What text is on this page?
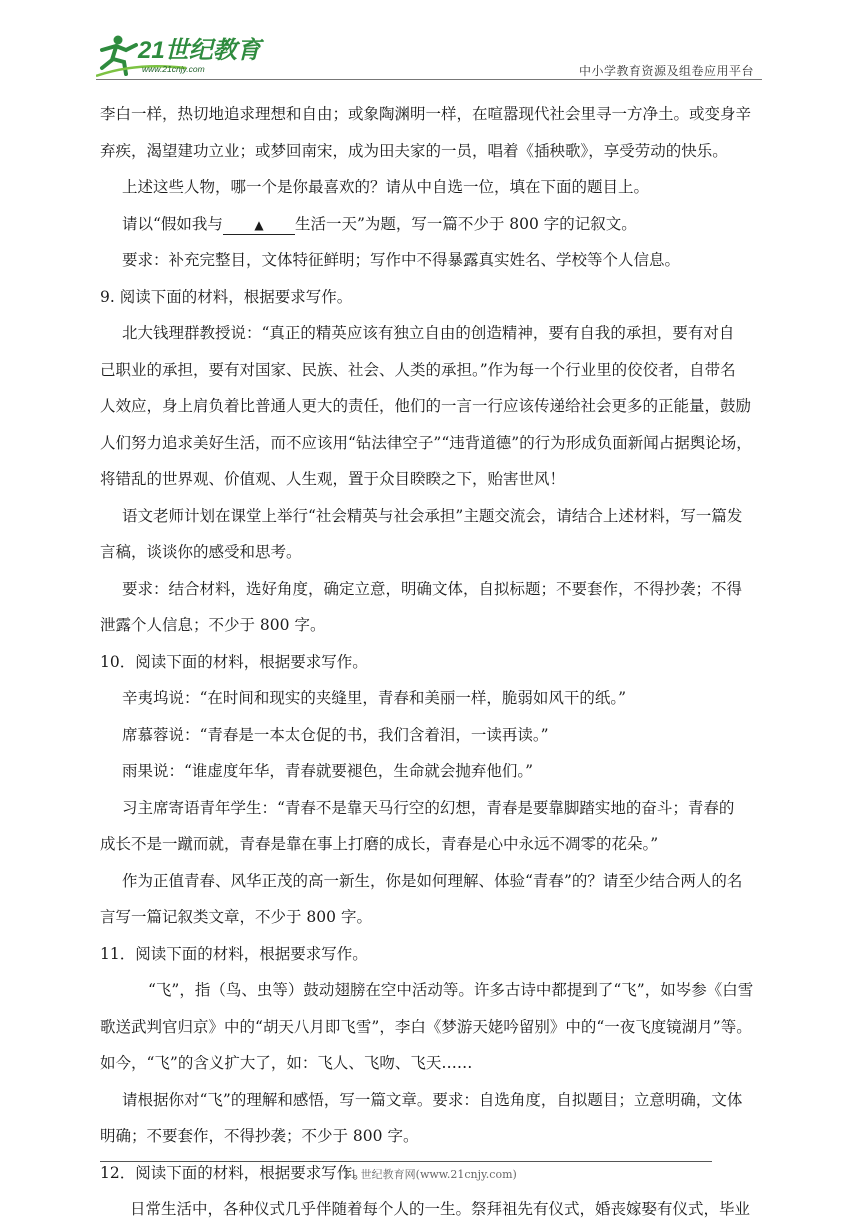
21世纪教育
www.21cnjy.com	中小学教育资源及组卷应用平台

李白一样，热切地追求理想和自由；或象陶渊明一样，在喧嚣现代社会里寻一方净土。或变身辛

弃疾，渴望建功立业；或梦回南宋，成为田夫家的一员，唱着《插秧歌》，享受劳动的快乐。

上述这些人物，哪一个是你最喜欢的？请从中自选一位，填在下面的题目上。

请以“假如我与	▲ 生活一天”为题，写一篇不少于 800 字的记叙文。

要求：补充完整目，文体特征鲜明；写作中不得暴露真实姓名、学校等个人信息。

9. 阅读下面的材料，根据要求写作。

北大钱理群教授说：“真正的精英应该有独立自由的创造精神，要有自我的承担，要有对自

己职业的承担，要有对国家、民族、社会、人类的承担。”作为每一个行业里的佼佼者，自带名

人效应，身上肩负着比普通人更大的责任，他们的一言一行应该传递给社会更多的正能量，鼓励

人们努力追求美好生活，而不应该用“钻法律空子”“违背道德”的行为形成负面新闻占据舆论场，

将错乱的世界观、价值观、人生观，置于众目睽睽之下，贻害世风！

语文老师计划在课堂上举行“社会精英与社会承担”主题交流会，请结合上述材料，写一篇发

言稿，谈谈你的感受和思考。

要求：结合材料，选好角度，确定立意，明确文体，自拟标题；不要套作，不得抄袭；不得

泄露个人信息；不少于 800 字。

10．阅读下面的材料，根据要求写作。

辛夷坞说：“在时间和现实的夹缝里，青春和美丽一样，脆弱如风干的纸。”

席慕蓉说：“青春是一本太仓促的书，我们含着泪，一读再读。”

雨果说：“谁虚度年华，青春就要褪色，生命就会抛弃他们。”

习主席寄语青年学生：“青春不是靠天马行空的幻想，青春是要靠脚踏实地的奋斗；青春的

成长不是一蹴而就，青春是靠在事上打磨的成长，青春是心中永远不凋零的花朵。”

作为正值青春、风华正茂的高一新生，你是如何理解、体验“青春”的？请至少结合两人的名

言写一篇记叙类文章，不少于 800 字。

11．阅读下面的材料，根据要求写作。

“飞”，指（鸟、虫等）鼓动翅膀在空中活动等。许多古诗中都提到了“飞”，如岑参《白雪

歌送武判官归京》中的“胡天八月即飞雪”，李白《梦游天姥吟留别》中的“一夜飞度镜湖月”等。

如今，“飞”的含义扩大了，如：飞人、飞吻、飞天……

请根据你对“飞”的理解和感悟，写一篇文章。要求：自选角度，自拟题目；立意明确，文体

明确；不要套作，不得抄袭；不少于 800 字。

12．阅读下面的材料，根据要求写作。

日常生活中，各种仪式几乎伴随着每个人的一生。祭拜祖先有仪式，婚丧嫁娶有仪式，毕业

21 世纪教育网(www.21cnjy.com)
